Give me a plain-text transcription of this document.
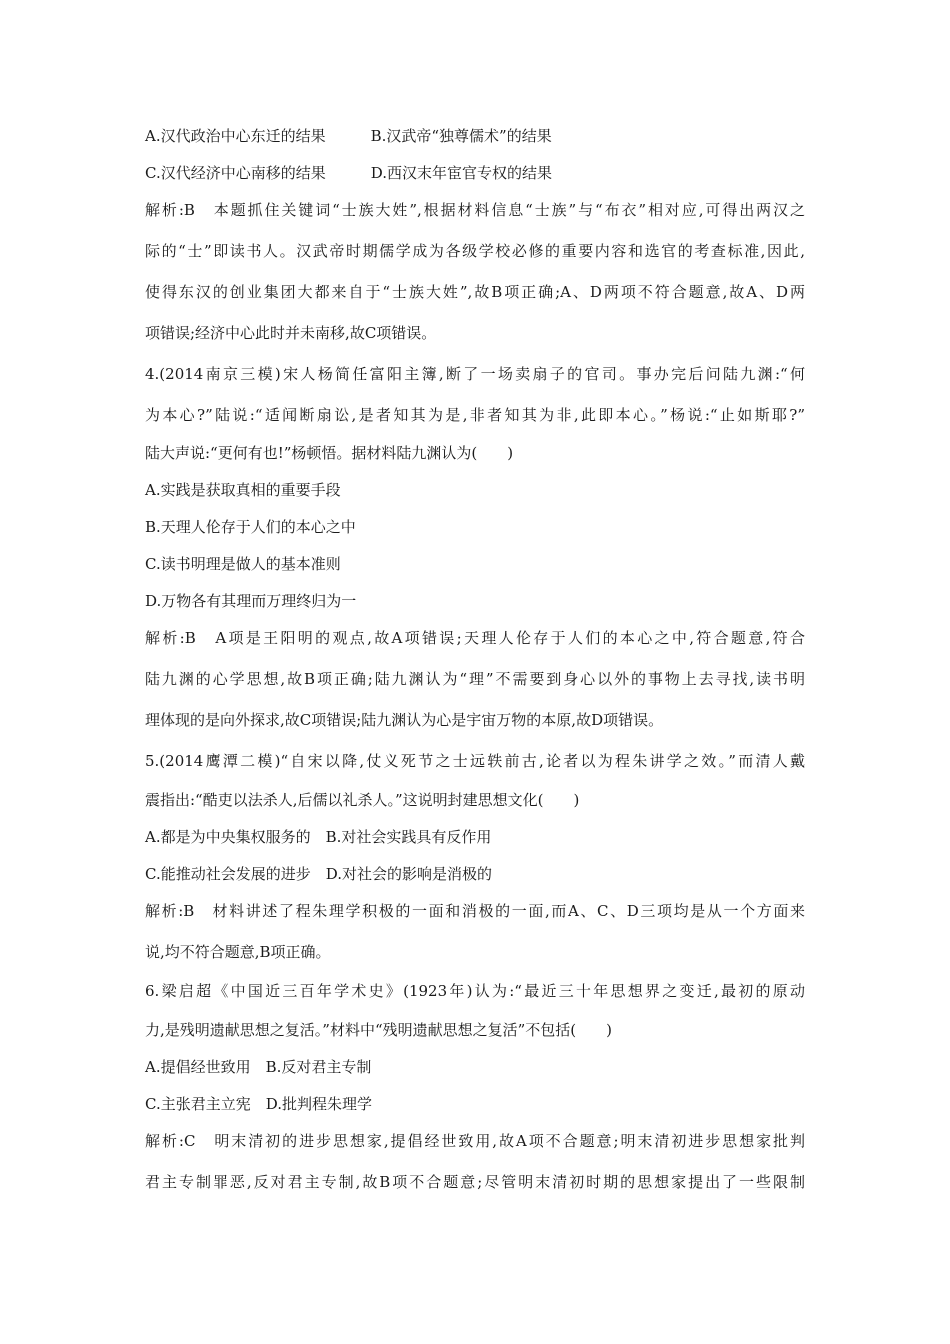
A.汉代政治中心东迁的结果　　　B.汉武帝“独尊儒术”的结果
C.汉代经济中心南移的结果　　　D.西汉末年宦官专权的结果
解析:B　本题抓住关键词“士族大姓”,根据材料信息“士族”与“布衣”相对应,可得出两汉之
际的“士”即读书人。汉武帝时期儒学成为各级学校必修的重要内容和选官的考查标准,因此,
使得东汉的创业集团大都来自于“士族大姓”,故B项正确;A、D两项不符合题意,故A、D两
项错误;经济中心此时并未南移,故C项错误。
4.(2014南京三模)宋人杨简任富阳主簿,断了一场卖扇子的官司。事办完后问陆九渊:“何
为本心?”陆说:“适闻断扇讼,是者知其为是,非者知其为非,此即本心。”杨说:“止如斯耶?”
陆大声说:“更何有也!”杨顿悟。据材料陆九渊认为(　　)
A.实践是获取真相的重要手段
B.天理人伦存于人们的本心之中
C.读书明理是做人的基本准则
D.万物各有其理而万理终归为一
解析:B　A项是王阳明的观点,故A项错误;天理人伦存于人们的本心之中,符合题意,符合
陆九渊的心学思想,故B项正确;陆九渊认为“理”不需要到身心以外的事物上去寻找,读书明
理体现的是向外探求,故C项错误;陆九渊认为心是宇宙万物的本原,故D项错误。
5.(2014鹰潭二模)“自宋以降,仗义死节之士远轶前古,论者以为程朱讲学之效。”而清人戴
震指出:“酷吏以法杀人,后儒以礼杀人。”这说明封建思想文化(　　)
A.都是为中央集权服务的　B.对社会实践具有反作用
C.能推动社会发展的进步　D.对社会的影响是消极的
解析:B　材料讲述了程朱理学积极的一面和消极的一面,而A、C、D三项均是从一个方面来
说,均不符合题意,B项正确。
6.梁启超《中国近三百年学术史》(1923年)认为:“最近三十年思想界之变迁,最初的原动
力,是残明遗献思想之复活。”材料中“残明遗献思想之复活”不包括(　　)
A.提倡经世致用　B.反对君主专制
C.主张君主立宪　D.批判程朱理学
解析:C　明末清初的进步思想家,提倡经世致用,故A项不合题意;明末清初进步思想家批判
君主专制罪恶,反对君主专制,故B项不合题意;尽管明末清初时期的思想家提出了一些限制
